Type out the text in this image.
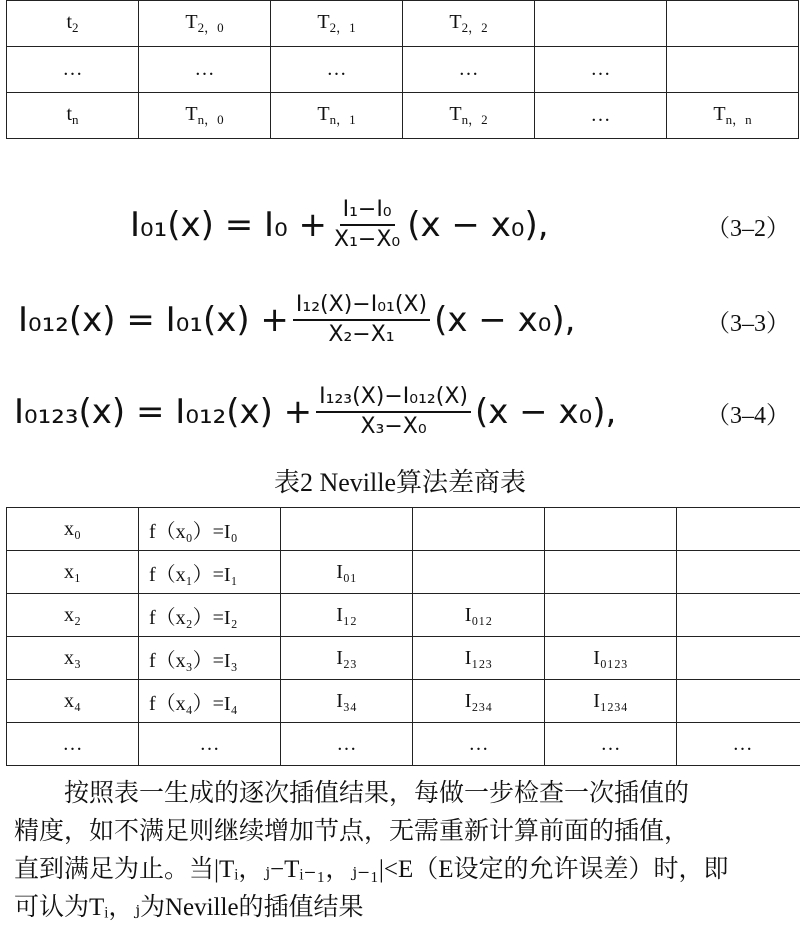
$t_2$	$T_{2,0}$	$T_{2,1}$	$T_{2,2}$		
…	…	…	…	…	
$t_n$	$T_{n,0}$	$T_{n,1}$	$T_{n,2}$	…	$T_{n,n}$
$I_{01}(x) = I_0 + \frac{\text{I₁−I₀}}{\text{X₁−X₀}} (x - x_0)$,	（3–2）
$I_{012}(x) = I_{01}(x) + \frac{\text{I₁₂(X)−I₀₁(X)}}{\text{X₂−X₁}} (x - x_0)$,	（3–3）
$I_{0123}(x) = I_{012}(x) + \frac{\text{I₁₂₃(X)−I₀₁₂(X)}}{\text{X₃−X₀}} (x - x_0)$,	（3–4）
表2 Neville算法差商表
x₀	f（x₀）=I₀				
x₁	f（x₁）=I₁	I₀₁			
x₂	f（x₂）=I₂	I₁₂	I₀₁₂		
x₃	f（x₃）=I₃	I₂₃	I₁₂₃	I₀₁₂₃	
x₄	f（x₄）=I₄	I₃₄	I₂₃₄	I₁₂₃₄	
…	…	…	…	…	…

按照表一生成的逐次插值结果，每做一步检查一次插值的

精度，如不满足则继续增加节点，无需重新计算前面的插值，

直到满足为止。当|Tᵢ，ⱼ−Tᵢ₋₁，ⱼ₋₁|<E（E设定的允许误差）时，即

可认为Tᵢ，ⱼ为Neville的插值结果
